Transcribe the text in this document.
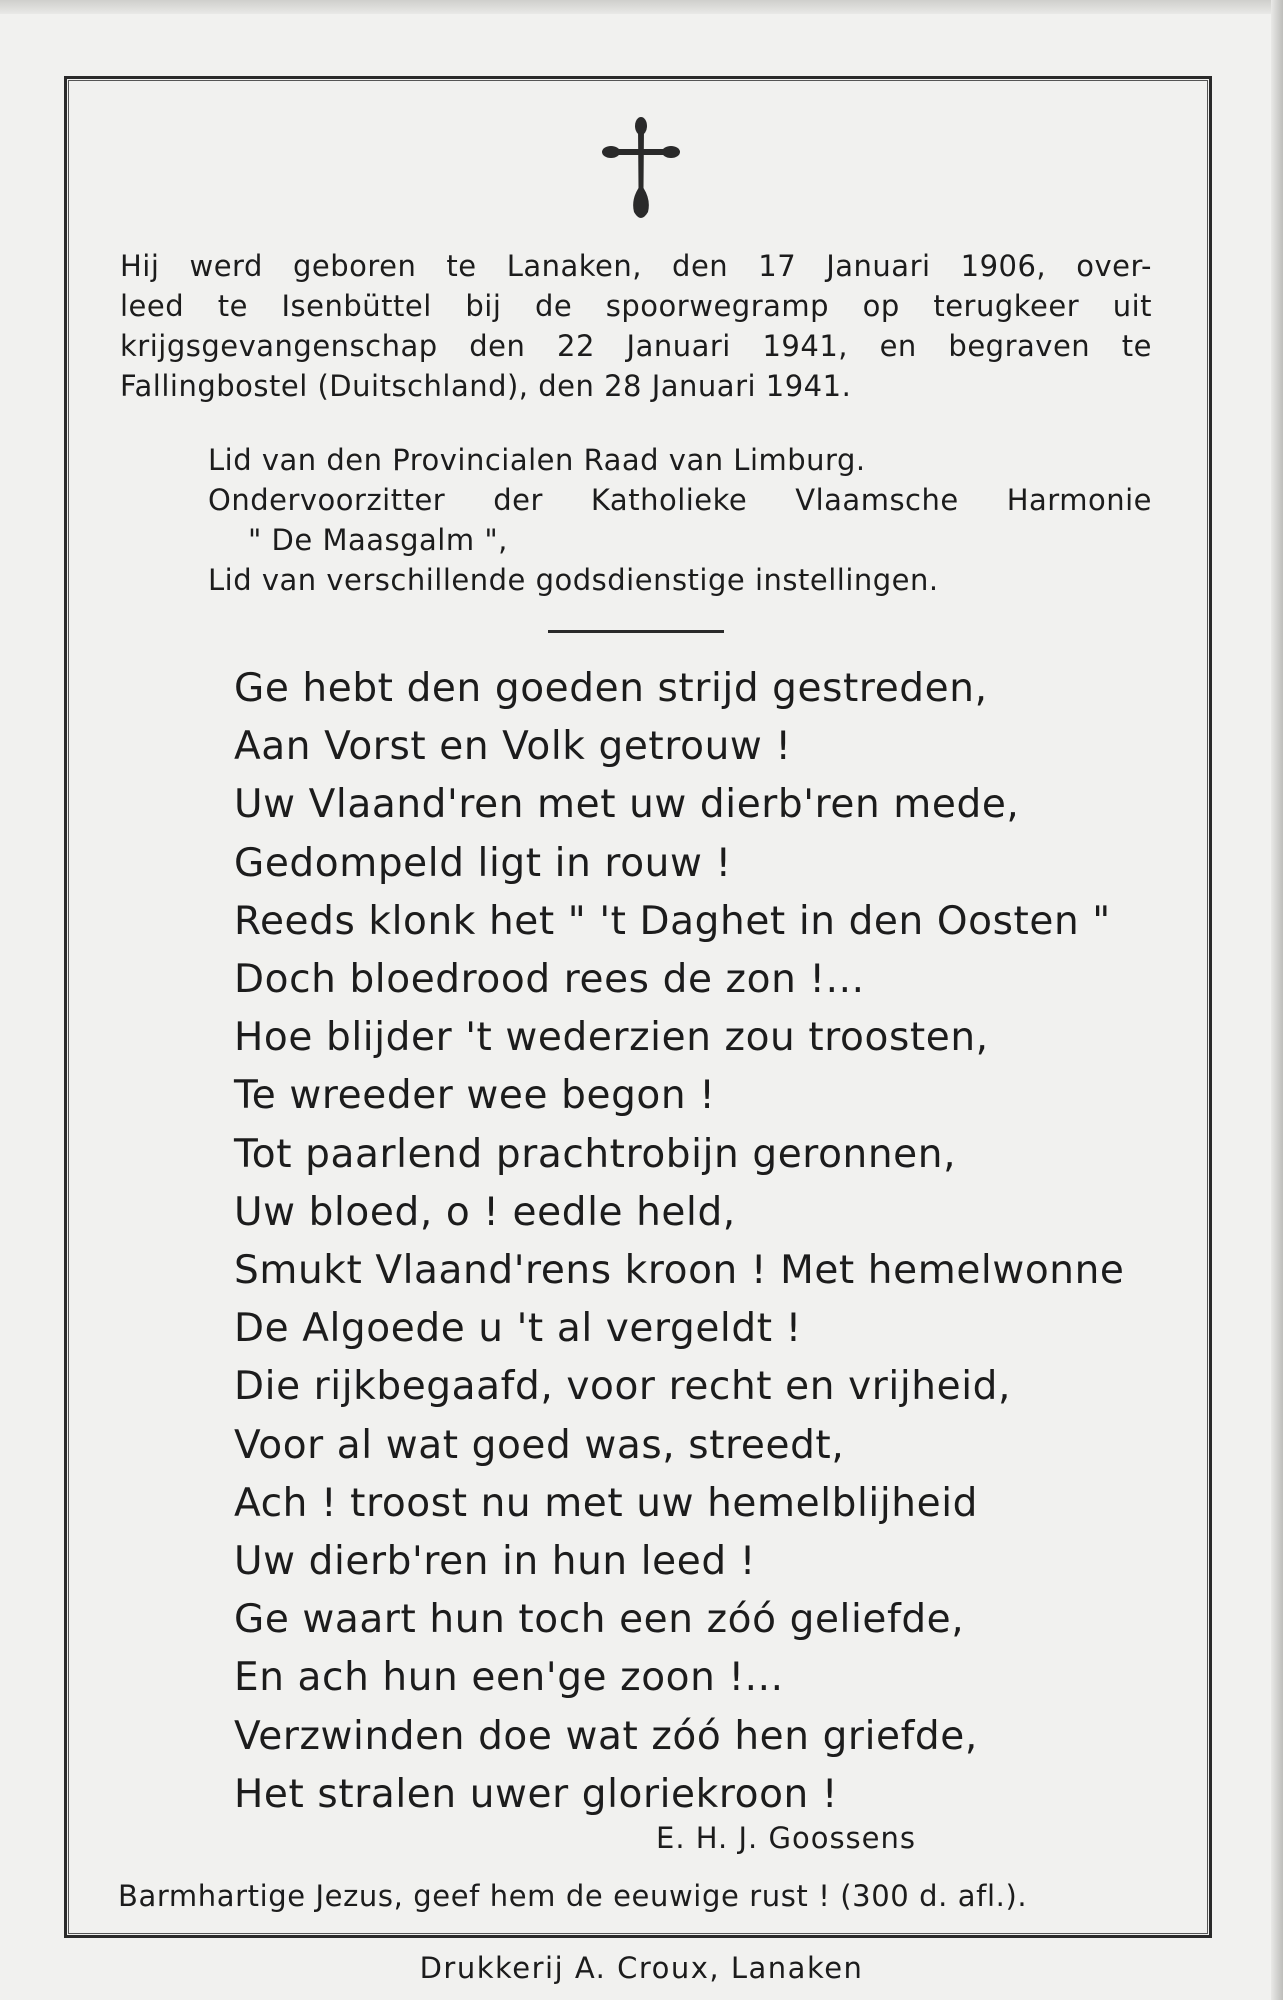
Hij werd geboren te Lanaken, den 17 Januari 1906, over-
leed te Isenbüttel bij de spoorwegramp op terugkeer uit
krijgsgevangenschap den 22 Januari 1941, en begraven te
Fallingbostel (Duitschland), den 28 Januari 1941.
Lid van den Provincialen Raad van Limburg.
Ondervoorzitter der Katholieke Vlaamsche Harmonie
" De Maasgalm ",
Lid van verschillende godsdienstige instellingen.
Ge hebt den goeden strijd gestreden,
Aan Vorst en Volk getrouw !
Uw Vlaand'ren met uw dierb'ren mede,
Gedompeld ligt in rouw !
Reeds klonk het " 't Daghet in den Oosten "
Doch bloedrood rees de zon !...
Hoe blijder 't wederzien zou troosten,
Te wreeder wee begon !
Tot paarlend prachtrobijn geronnen,
Uw bloed, o ! eedle held,
Smukt Vlaand'rens kroon ! Met hemelwonne
De Algoede u 't al vergeldt !
Die rijkbegaafd, voor recht en vrijheid,
Voor al wat goed was, streedt,
Ach ! troost nu met uw hemelblijheid
Uw dierb'ren in hun leed !
Ge waart hun toch een zóó geliefde,
En ach hun een'ge zoon !...
Verzwinden doe wat zóó hen griefde,
Het stralen uwer gloriekroon !
E. H. J. Goossens
Barmhartige Jezus, geef hem de eeuwige rust ! (300 d. afl.).
Drukkerij A. Croux, Lanaken
